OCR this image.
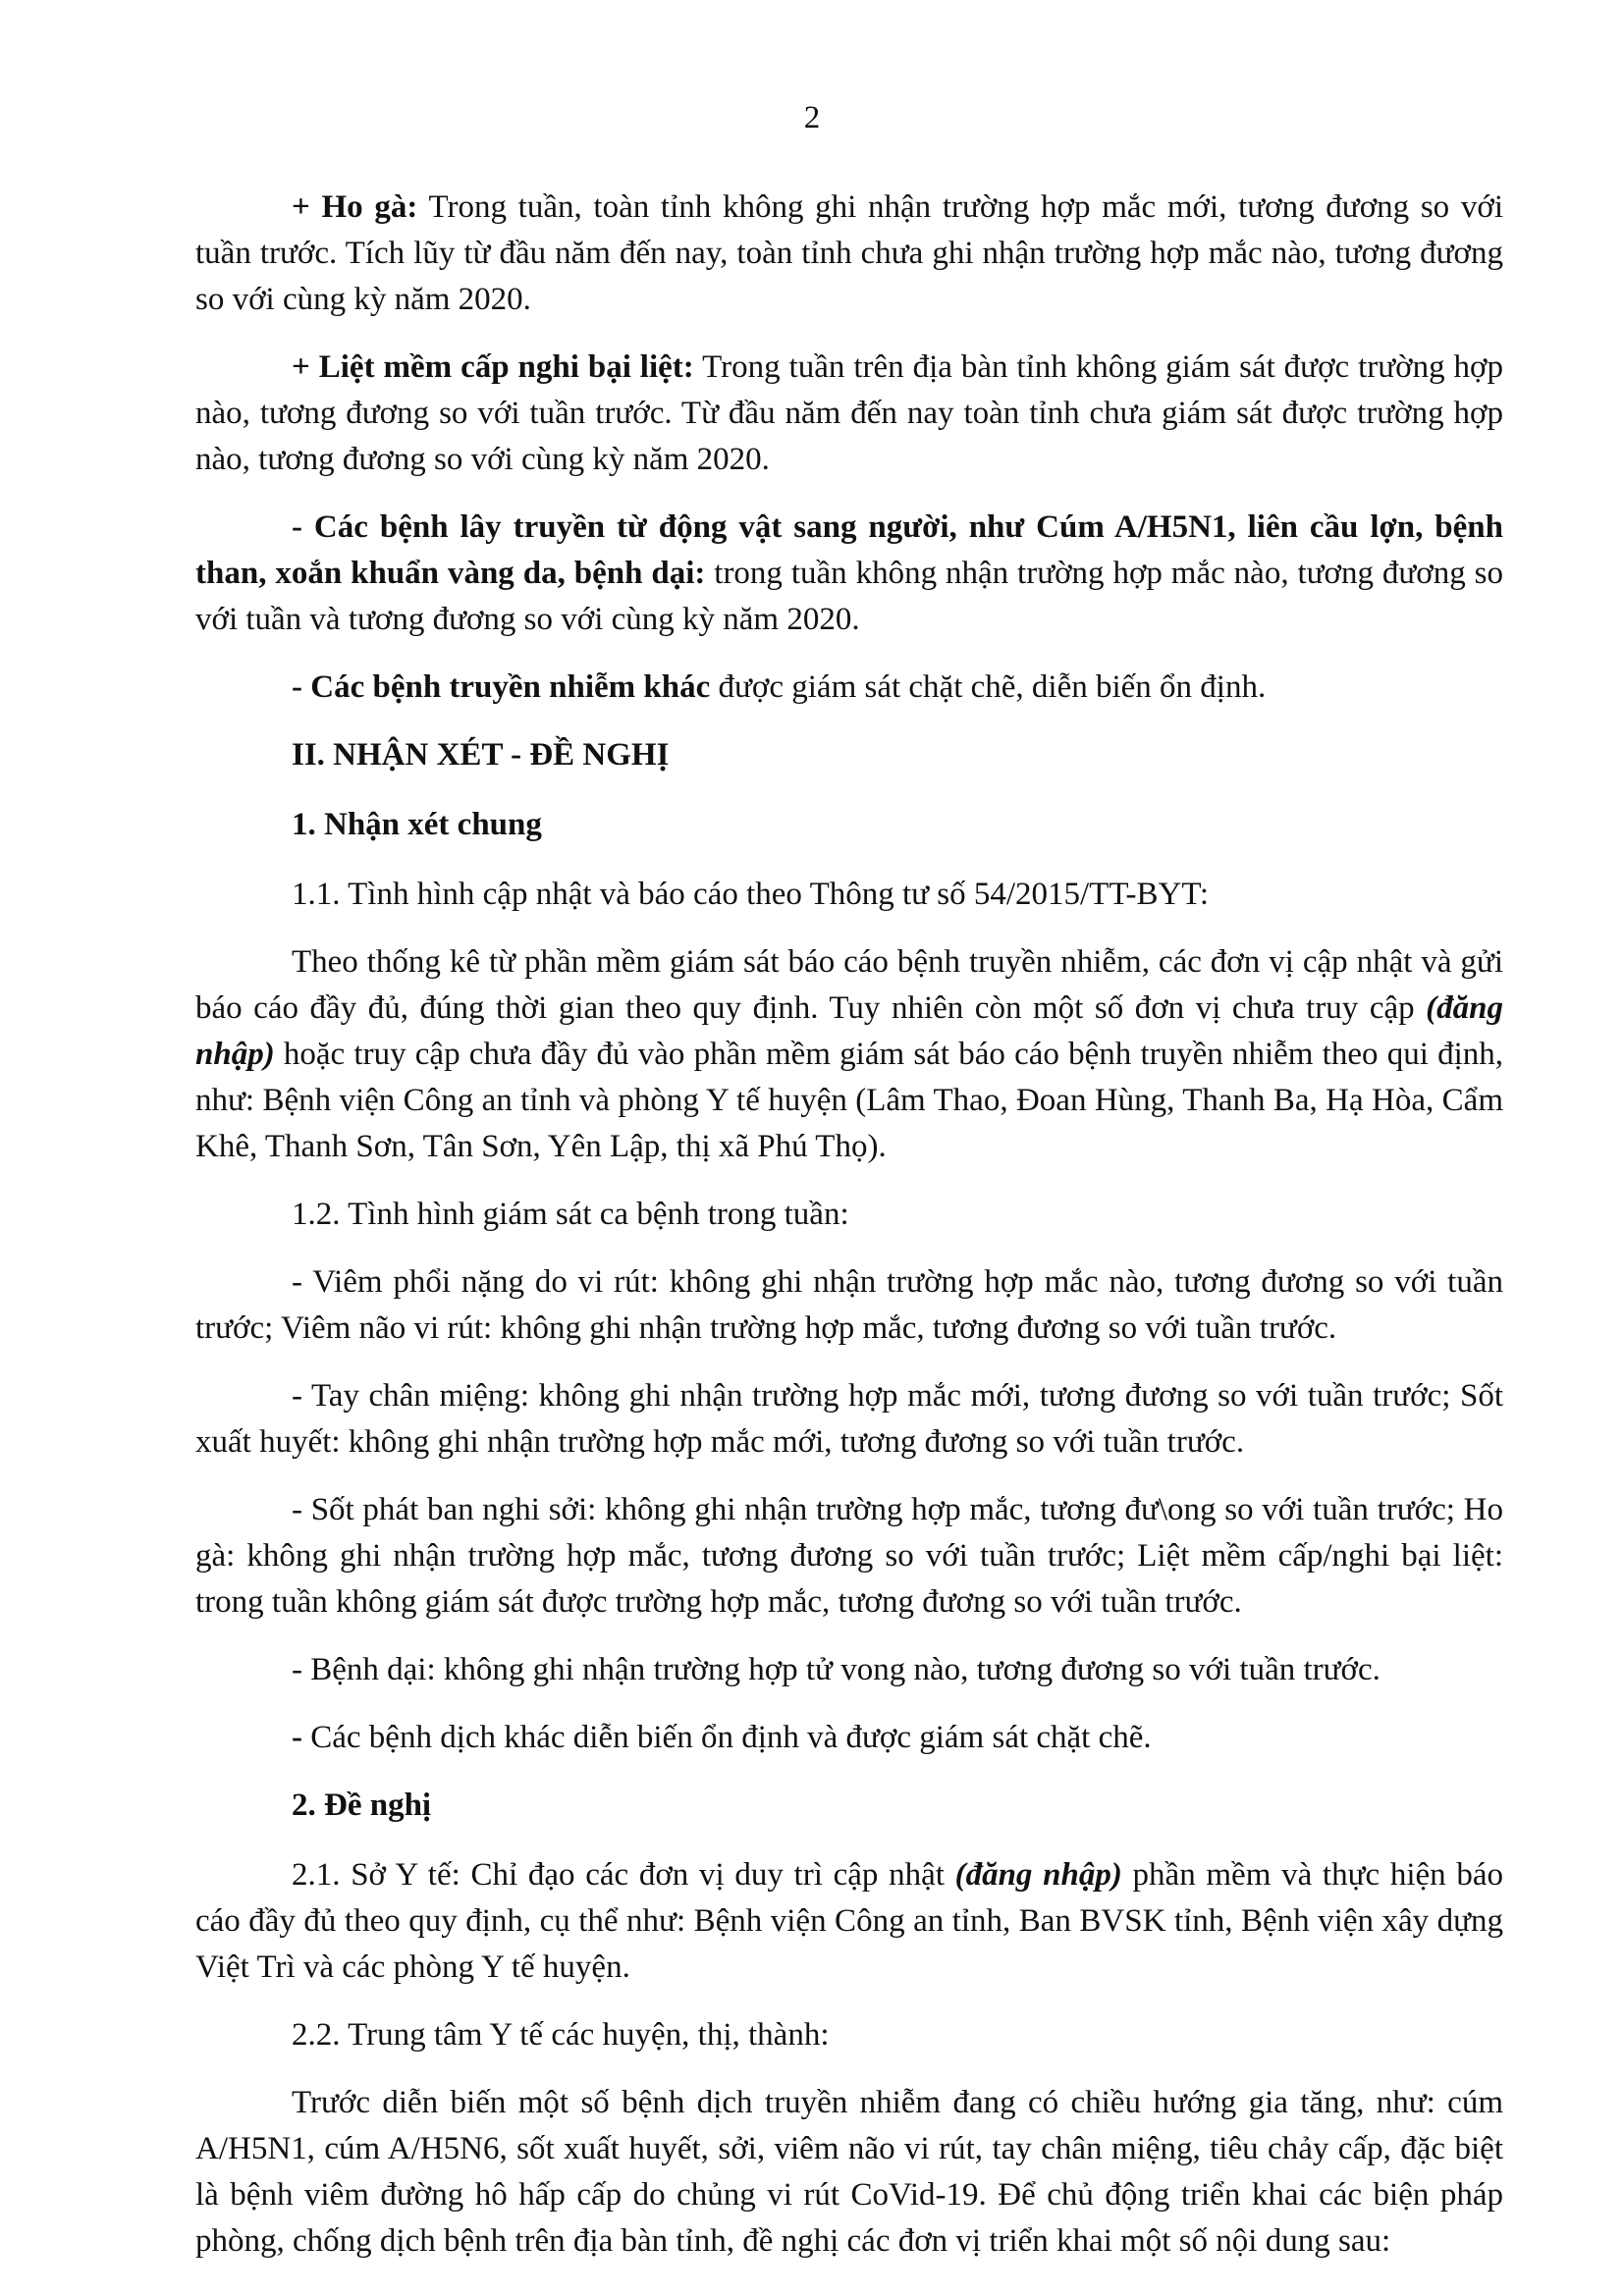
2

+ Ho gà: Trong tuần, toàn tỉnh không ghi nhận trường hợp mắc mới, tương đương so với tuần trước. Tích lũy từ đầu năm đến nay, toàn tỉnh chưa ghi nhận trường hợp mắc nào, tương đương so với cùng kỳ năm 2020.

+ Liệt mềm cấp nghi bại liệt: Trong tuần trên địa bàn tỉnh không giám sát được trường hợp nào, tương đương so với tuần trước. Từ đầu năm đến nay toàn tỉnh chưa giám sát được trường hợp nào, tương đương so với cùng kỳ năm 2020.

- Các bệnh lây truyền từ động vật sang người, như Cúm A/H5N1, liên cầu lợn, bệnh than, xoắn khuẩn vàng da, bệnh dại: trong tuần không nhận trường hợp mắc nào, tương đương so với tuần và tương đương so với cùng kỳ năm 2020.

- Các bệnh truyền nhiễm khác được giám sát chặt chẽ, diễn biến ổn định.

II. NHẬN XÉT - ĐỀ NGHỊ

1. Nhận xét chung

1.1. Tình hình cập nhật và báo cáo theo Thông tư số 54/2015/TT-BYT:

Theo thống kê từ phần mềm giám sát báo cáo bệnh truyền nhiễm, các đơn vị cập nhật và gửi báo cáo đầy đủ, đúng thời gian theo quy định. Tuy nhiên còn một số đơn vị chưa truy cập (đăng nhập) hoặc truy cập chưa đầy đủ vào phần mềm giám sát báo cáo bệnh truyền nhiễm theo qui định, như: Bệnh viện Công an tỉnh và phòng Y tế huyện (Lâm Thao, Đoan Hùng, Thanh Ba, Hạ Hòa, Cẩm Khê, Thanh Sơn, Tân Sơn, Yên Lập, thị xã Phú Thọ).

1.2. Tình hình giám sát ca bệnh trong tuần:

- Viêm phổi nặng do vi rút: không ghi nhận trường hợp mắc nào, tương đương so với tuần trước; Viêm não vi rút: không ghi nhận trường hợp mắc, tương đương so với tuần trước.

- Tay chân miệng: không ghi nhận trường hợp mắc mới, tương đương so với tuần trước; Sốt xuất huyết: không ghi nhận trường hợp mắc mới, tương đương so với tuần trước.

- Sốt phát ban nghi sởi: không ghi nhận trường hợp mắc, tương đư\ong so với tuần trước; Ho gà: không ghi nhận trường hợp mắc, tương đương so với tuần trước; Liệt mềm cấp/nghi bại liệt: trong tuần không giám sát được trường hợp mắc, tương đương so với tuần trước.

- Bệnh dại: không ghi nhận trường hợp tử vong nào, tương đương so với tuần trước.

- Các bệnh dịch khác diễn biến ổn định và được giám sát chặt chẽ.

2. Đề nghị

2.1. Sở Y tế: Chỉ đạo các đơn vị duy trì cập nhật (đăng nhập) phần mềm và thực hiện báo cáo đầy đủ theo quy định, cụ thể như: Bệnh viện Công an tỉnh, Ban BVSK tỉnh, Bệnh viện xây dựng Việt Trì và các phòng Y tế huyện.

2.2. Trung tâm Y tế các huyện, thị, thành:

Trước diễn biến một số bệnh dịch truyền nhiễm đang có chiều hướng gia tăng, như: cúm A/H5N1, cúm A/H5N6, sốt xuất huyết, sởi, viêm não vi rút, tay chân miệng, tiêu chảy cấp, đặc biệt là bệnh viêm đường hô hấp cấp do chủng vi rút CoVid-19. Để chủ động triển khai các biện pháp phòng, chống dịch bệnh trên địa bàn tỉnh, đề nghị các đơn vị triển khai một số nội dung sau:
